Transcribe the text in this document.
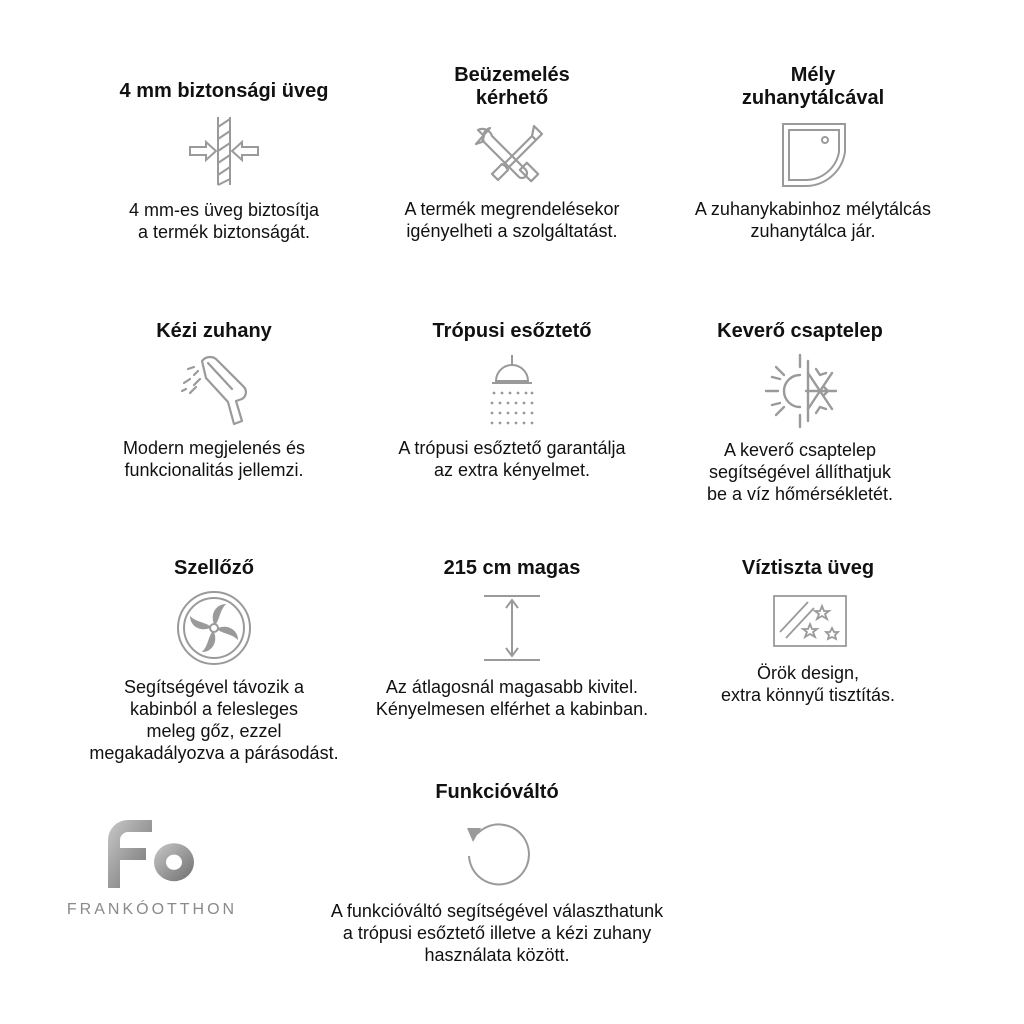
4 mm biztonsági üveg

4 mm-es üveg biztosítja
a termék biztonságát.

Beüzemelés
kérhető

A termék megrendelésekor
igényelheti a szolgáltatást.

Mély
zuhanytálcával

A zuhanykabinhoz mélytálcás
zuhanytálca jár.

Kézi zuhany

Modern megjelenés és
funkcionalitás jellemzi.

Trópusi esőztető

A trópusi esőztető garantálja
az extra kényelmet.

Keverő csaptelep

A keverő csaptelep
segítségével állíthatjuk
be a víz hőmérsékletét.

Szellőző

Segítségével távozik a
kabinból a felesleges
meleg gőz, ezzel
megakadályozva a párásodást.

215 cm magas

Az átlagosnál magasabb kivitel.
Kényelmesen elférhet a kabinban.

Víztiszta üveg

Örök design,
extra könnyű tisztítás.

Funkcióváltó

A funkcióváltó segítségével választhatunk
a trópusi esőztető illetve a kézi zuhany
használata között.

FRANKÓOTTHON
